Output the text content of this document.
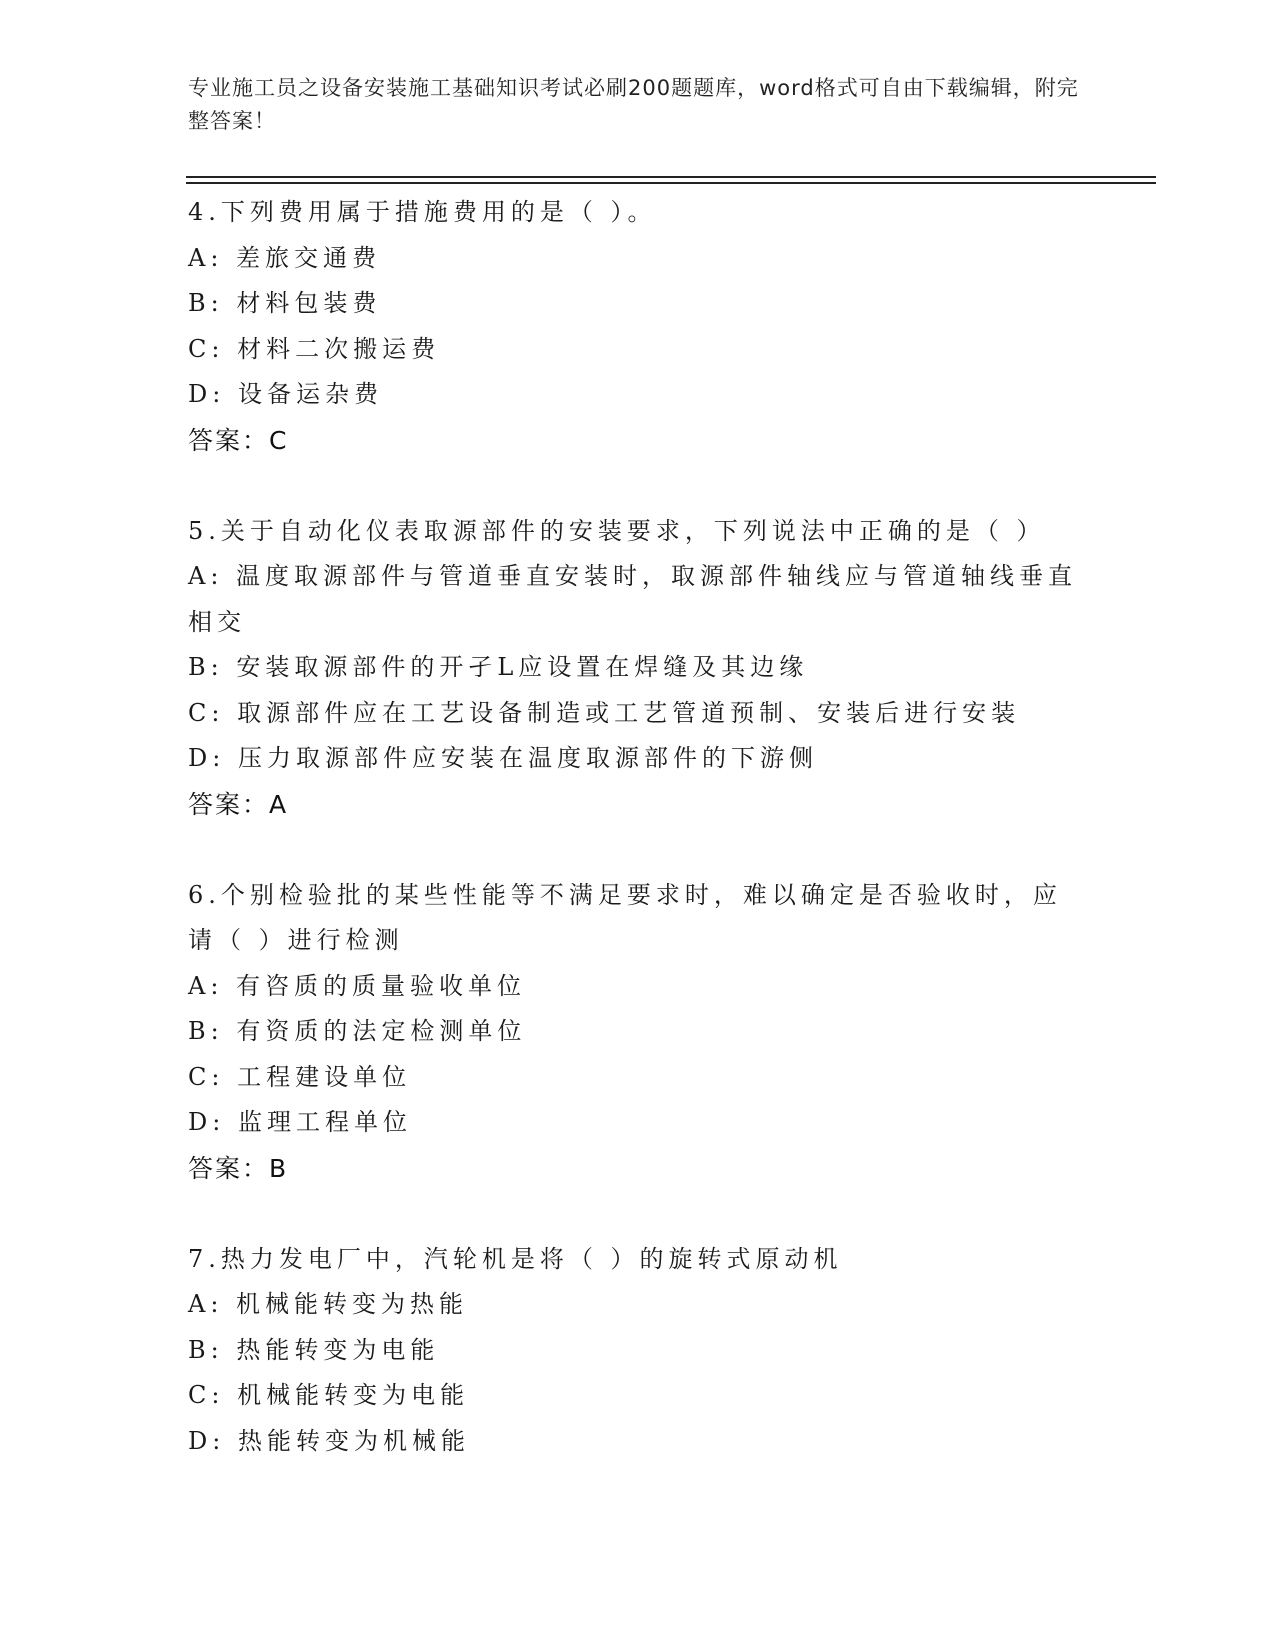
专业施工员之设备安装施工基础知识考试必刷200题题库，word格式可自由下载编辑，附完整答案！

4.下列费用属于措施费用的是（ ）。

A: 差旅交通费

B: 材料包装费

C: 材料二次搬运费

D: 设备运杂费

答案：C

5.关于自动化仪表取源部件的安装要求，下列说法中正确的是（ ）

A: 温度取源部件与管道垂直安装时，取源部件轴线应与管道轴线垂直相交

B: 安装取源部件的开孑L应设置在焊缝及其边缘

C: 取源部件应在工艺设备制造或工艺管道预制、安装后进行安装

D: 压力取源部件应安装在温度取源部件的下游侧

答案：A

6.个别检验批的某些性能等不满足要求时，难以确定是否验收时，应请（ ）进行检测

A: 有咨质的质量验收单位

B: 有资质的法定检测单位

C: 工程建设单位

D: 监理工程单位

答案：B

7.热力发电厂中，汽轮机是将（ ）的旋转式原动机

A: 机械能转变为热能

B: 热能转变为电能

C: 机械能转变为电能

D: 热能转变为机械能
